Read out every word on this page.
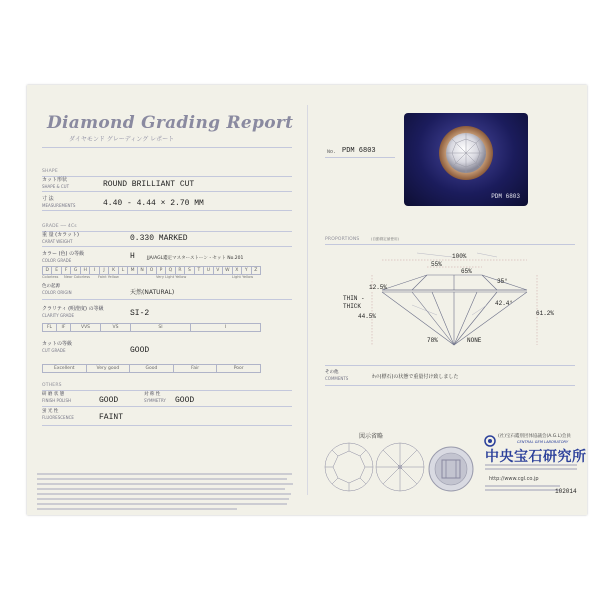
Diamond Grading Report
ダイヤモンド グレーディング レポート
SHAPE
カット形状
SHAPE & CUT	ROUND BRILLIANT CUT
寸 法
MEASUREMENTS	4.40 - 4.44 × 2.70 MM
GRADE ── 4Cs
重 量 (カラット)
CARAT WEIGHT	0.330 MARKED
カラー (色) の等級
COLOR GRADE	H	JJA/AGL鑑定マスターストーン・セット No.201
D	E	F	G	H	I	J	K	L	M	N	O	P	Q	R	S	T	U	V	W	X	Y	Z
Colorless Near Colorless Faint Yellow	Very Light Yellow	Light Yellow
色の起源
COLOR ORIGIN	天然(NATURAL)
クラリティ (明澄度) の等級
CLARITY GRADE	SI-2
FL	IF	VVS	VS	SI	I
カットの等級
CUT GRADE	GOOD
Excellent	Very good	Good	Fair	Poor
OTHERS
研 磨 状 態
FINISH POLISH	GOOD
対 称 性
SYMMETRY GOOD
蛍 光 性
FLUORESCENCE	FAINT
No. PDM 6803
PDM 6803
PROPORTIONS	(自動測定値使用)
100%
55%
65%
35°
12.5%
THIN - THICK	42.4°
61.2%
44.5%
78%	NONE
その他
COMMENTS	ｶｯﾄ(標石)の状態で重量付け致しました
図示省略	(社)宝石鑑別団体協議会(A.G.L)会員
CENTRAL GEM LABORATORY
中央宝石研究所
http://www.cgl.co.jp
102014
